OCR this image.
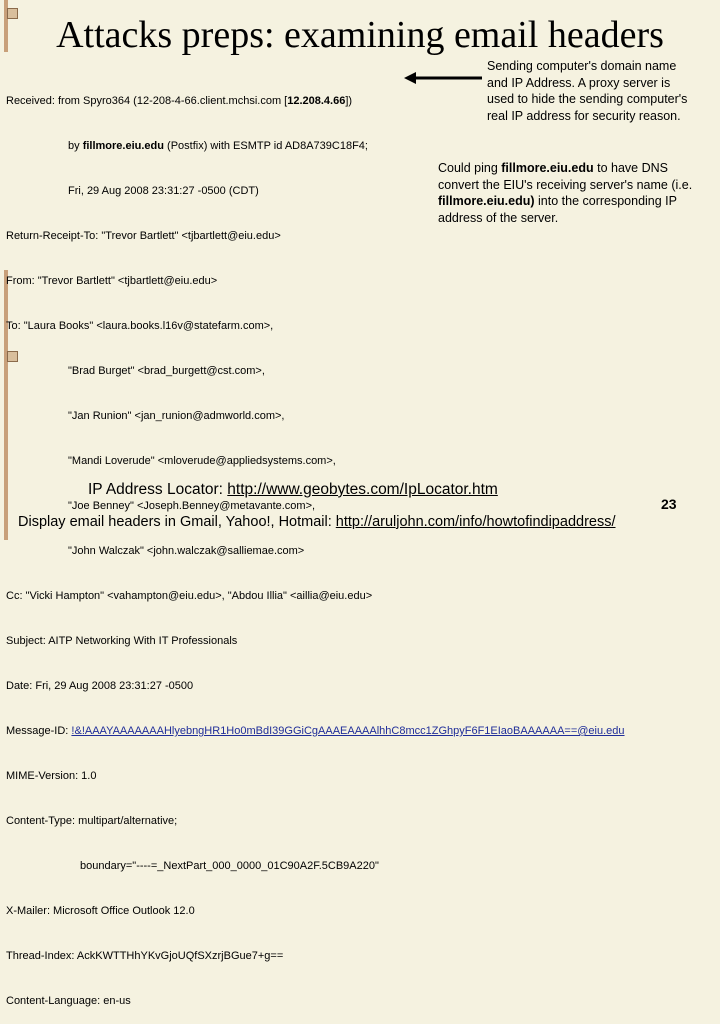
Attacks preps: examining email headers

Received: from Spyro364 (12-208-4-66.client.mchsi.com [12.208.4.66])

by fillmore.eiu.edu (Postfix) with ESMTP id AD8A739C18F4;

Fri, 29 Aug 2008 23:31:27 -0500 (CDT)

Return-Receipt-To: "Trevor Bartlett" <tjbartlett@eiu.edu>

From: "Trevor Bartlett" <tjbartlett@eiu.edu>

To: "Laura Books" <laura.books.l16v@statefarm.com>,

"Brad Burget" <brad_burgett@cst.com>,

"Jan Runion" <jan_runion@admworld.com>,

"Mandi Loverude" <mloverude@appliedsystems.com>,

"Joe Benney" <Joseph.Benney@metavante.com>,

"John Walczak" <john.walczak@salliemae.com>

Cc: "Vicki Hampton" <vahampton@eiu.edu>, "Abdou Illia" <aillia@eiu.edu>

Subject: AITP Networking With IT Professionals

Date: Fri, 29 Aug 2008 23:31:27 -0500

Message-ID: !&!AAAYAAAAAAAHlyebngHR1Ho0mBdI39GGiCgAAAEAAAAlhhC8mcc1ZGhpyF6F1EIaoBAAAAAA==@eiu.edu

MIME-Version: 1.0

Content-Type: multipart/alternative;

boundary="----=_NextPart_000_0000_01C90A2F.5CB9A220"

X-Mailer: Microsoft Office Outlook 12.0

Thread-Index: AckKWTTHhYKvGjoUQfSXzrjBGue7+g==

Content-Language: en-us

Sending computer's domain name and IP Address. A proxy server is used to hide the sending computer's real IP address for security reason.
Could ping fillmore.eiu.edu to have DNS convert the EIU's receiving server's name (i.e. fillmore.eiu.edu) into the corresponding IP address of the server.
IP Address Locator: http://www.geobytes.com/IpLocator.htm
23
Display email headers in Gmail, Yahoo!, Hotmail: http://aruljohn.com/info/howtofindipaddress/
